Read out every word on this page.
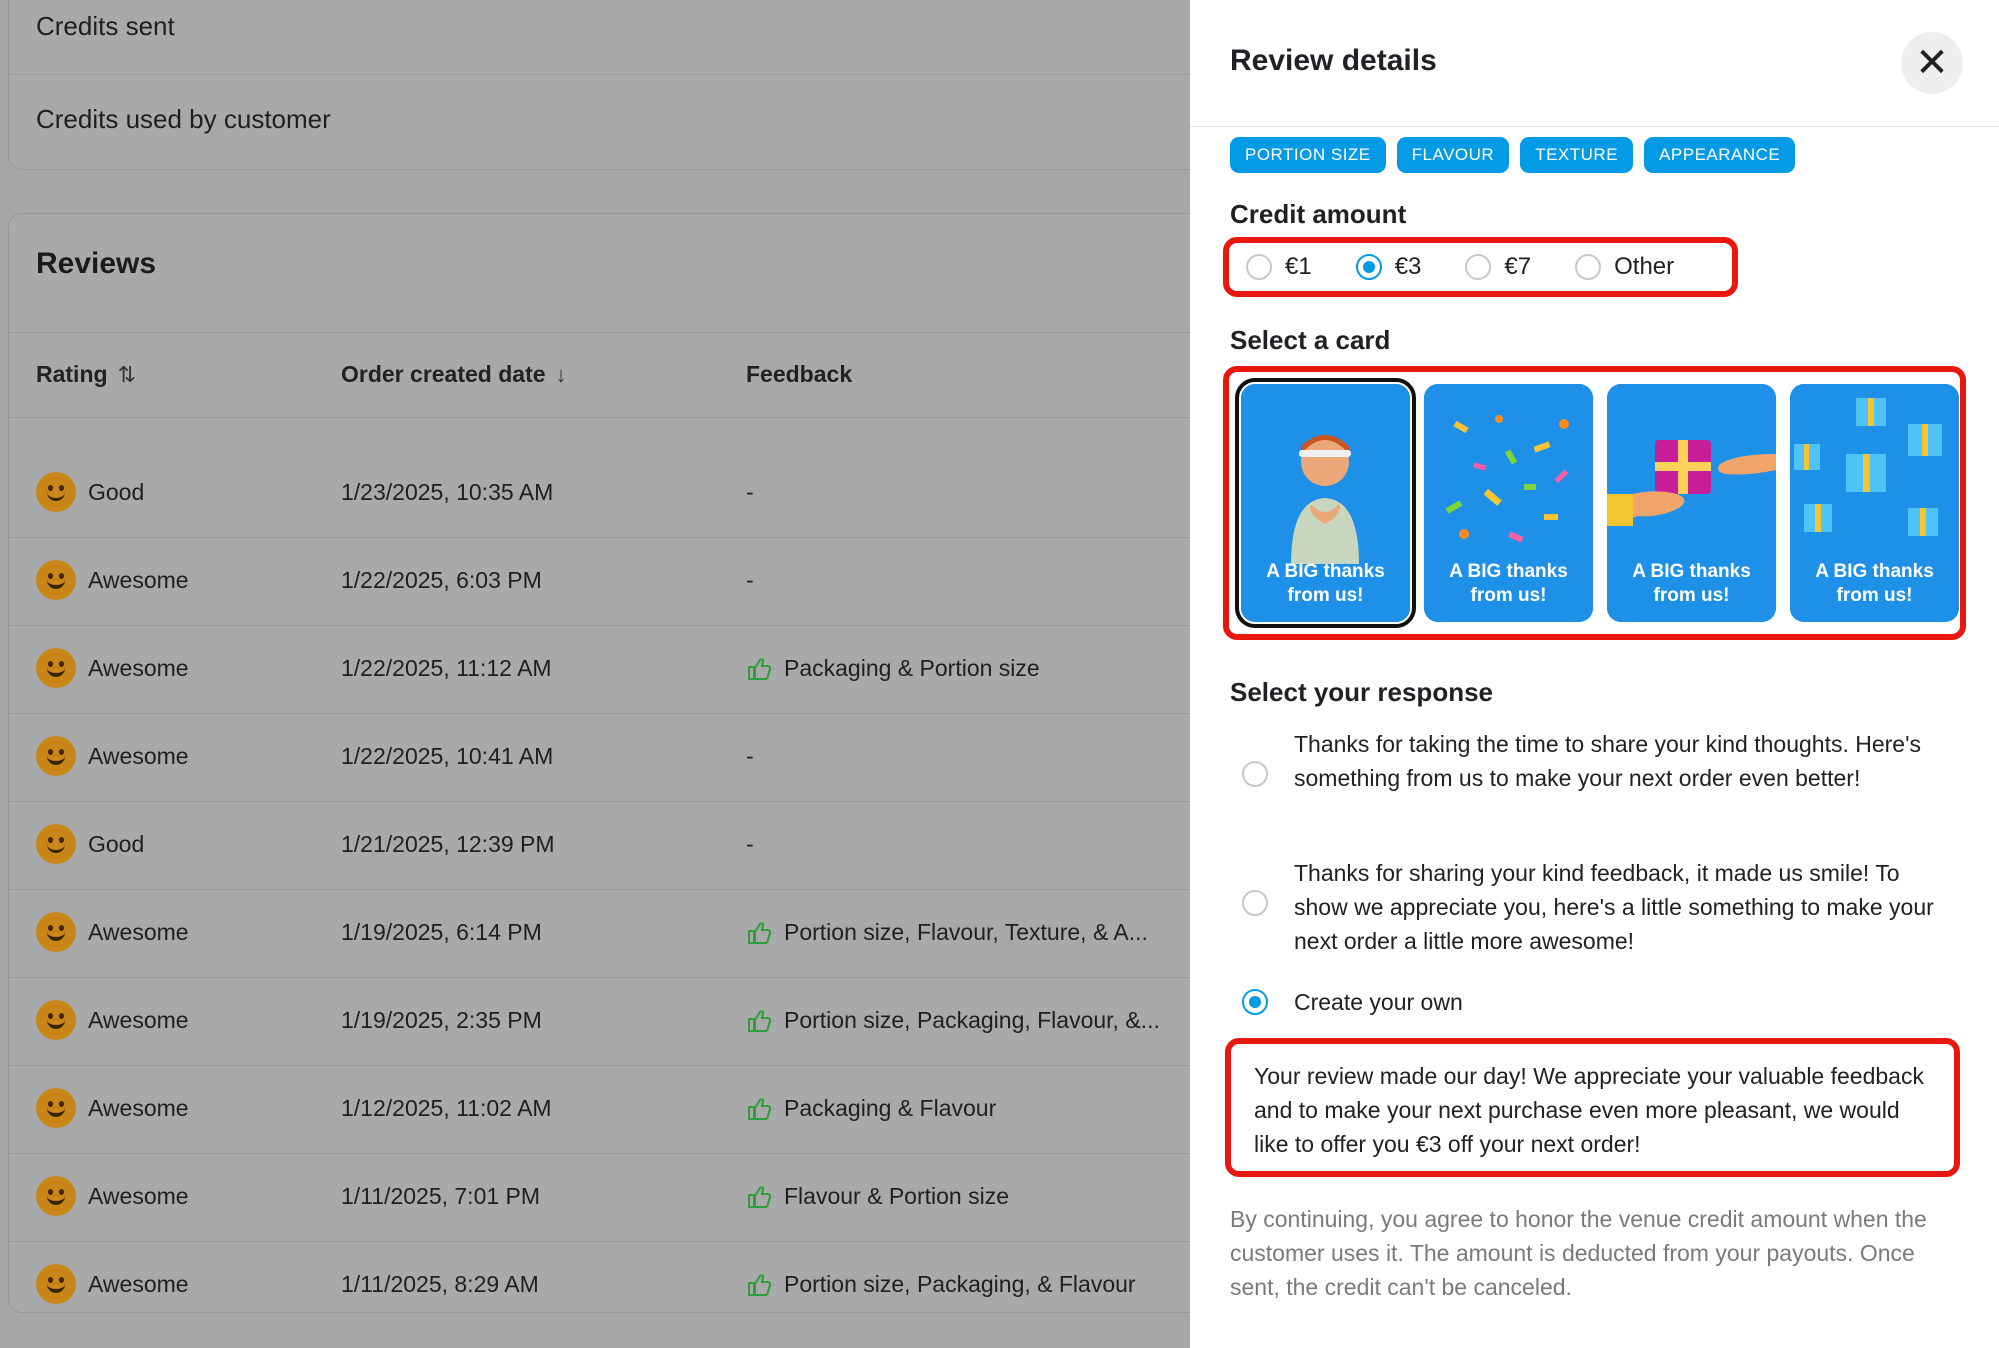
Credits sent
Credits used by customer
Reviews
Rating ⇅	Order created date ↓	Feedback
Good	1/23/2025, 10:35 AM	-
Awesome	1/22/2025, 6:03 PM	-
Awesome	1/22/2025, 11:12 AM	Packaging & Portion size
Awesome	1/22/2025, 10:41 AM	-
Good	1/21/2025, 12:39 PM	-
Awesome	1/19/2025, 6:14 PM	Portion size, Flavour, Texture, & A...
Awesome	1/19/2025, 2:35 PM	Portion size, Packaging, Flavour, &...
Awesome	1/12/2025, 11:02 AM	Packaging & Flavour
Awesome	1/11/2025, 7:01 PM	Flavour & Portion size
Awesome	1/11/2025, 8:29 AM	Portion size, Packaging, & Flavour
Review details	✕
PORTION SIZE	FLAVOUR	TEXTURE	APPEARANCE
Credit amount
€1	€3	€7	Other
Select a card
A BIG thanks
from us!
A BIG thanks
from us!
A BIG thanks
from us!
A BIG thanks
from us!
Select your response
Thanks for taking the time to share your kind thoughts. Here's something from us to make your next order even better!
Thanks for sharing your kind feedback, it made us smile! To show we appreciate you, here's a little something to make your next order a little more awesome!
Create your own
Your review made our day! We appreciate your valuable feedback and to make your next purchase even more pleasant, we would like to offer you €3 off your next order!
By continuing, you agree to honor the venue credit amount when the customer uses it. The amount is deducted from your payouts. Once sent, the credit can't be canceled.
